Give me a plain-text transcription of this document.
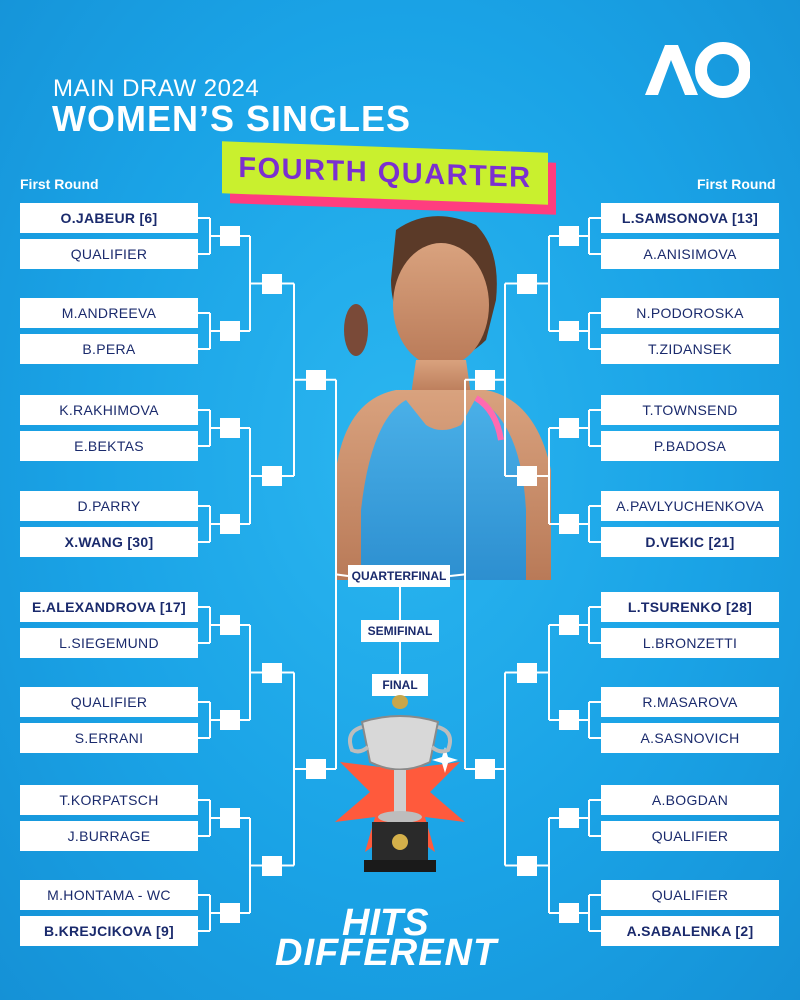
MAIN DRAW 2024
WOMEN’S SINGLES
FOURTH QUARTER
First Round	First Round
O.JABEUR [6]
QUALIFIER
M.ANDREEVA
B.PERA
K.RAKHIMOVA
E.BEKTAS
D.PARRY
X.WANG [30]
E.ALEXANDROVA [17]
L.SIEGEMUND
QUALIFIER
S.ERRANI
T.KORPATSCH
J.BURRAGE
M.HONTAMA - WC
B.KREJCIKOVA [9]
L.SAMSONOVA [13]
A.ANISIMOVA
N.PODOROSKA
T.ZIDANSEK
T.TOWNSEND
P.BADOSA
A.PAVLYUCHENKOVA
D.VEKIC [21]
L.TSURENKO [28]
L.BRONZETTI
R.MASAROVA
A.SASNOVICH
A.BOGDAN
QUALIFIER
QUALIFIER
A.SABALENKA [2]
QUARTERFINAL
SEMIFINAL
FINAL
HITS
DIFFERENT
